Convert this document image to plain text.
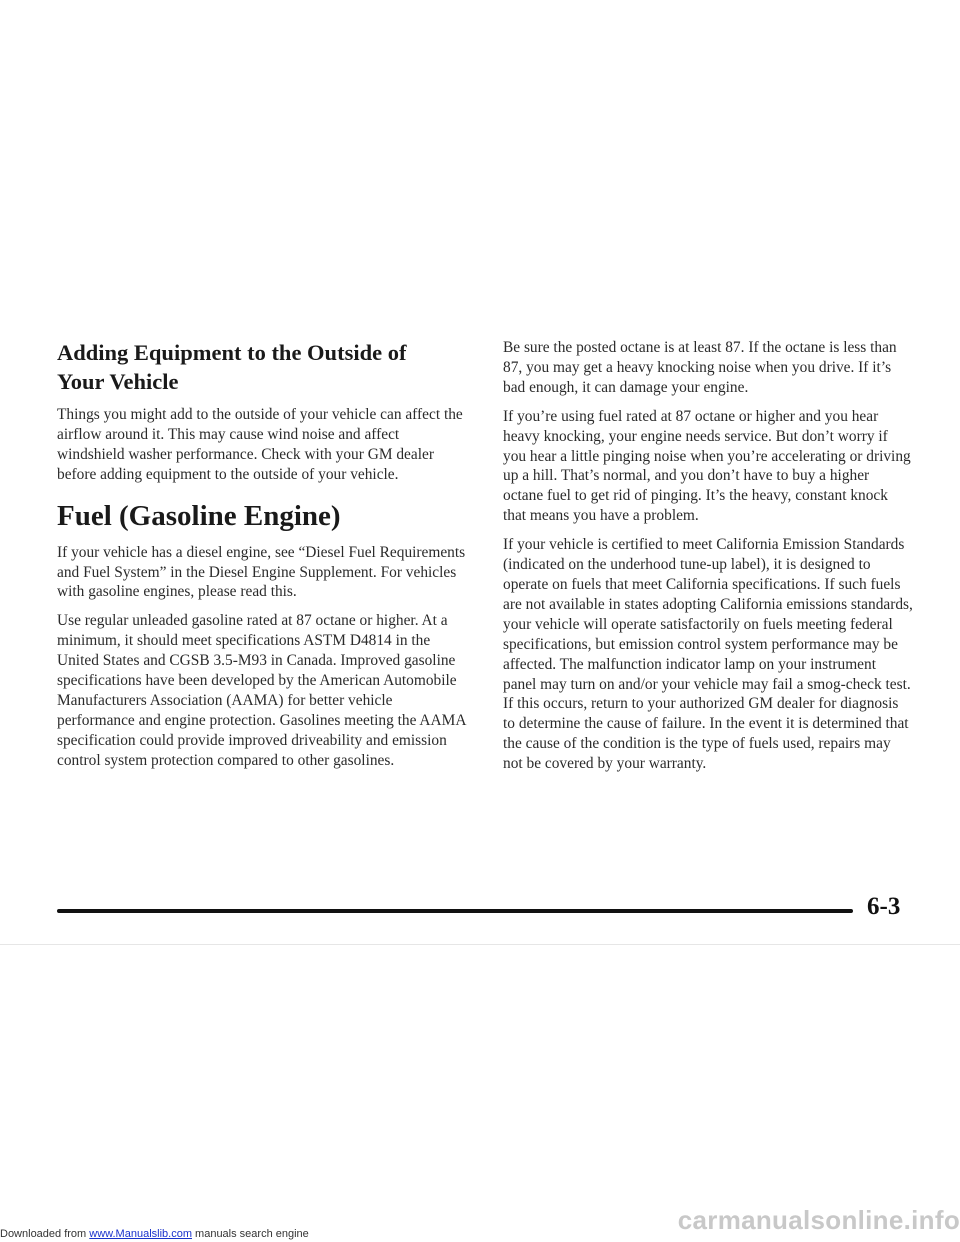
Adding Equipment to the Outside of
Your Vehicle

Things you might add to the outside of your vehicle can affect the airflow around it. This may cause wind noise and affect windshield washer performance. Check with your GM dealer before adding equipment to the outside of your vehicle.

Fuel (Gasoline Engine)

If your vehicle has a diesel engine, see “Diesel Fuel Requirements and Fuel System” in the Diesel Engine Supplement. For vehicles with gasoline engines, please read this.

Use regular unleaded gasoline rated at 87 octane or higher. At a minimum, it should meet specifications ASTM D4814 in the United States and CGSB 3.5-M93 in Canada. Improved gasoline specifications have been developed by the American Automobile Manufacturers Association (AAMA) for better vehicle performance and engine protection. Gasolines meeting the AAMA specification could provide improved driveability and emission control system protection compared to other gasolines.

Be sure the posted octane is at least 87. If the octane is less than 87, you may get a heavy knocking noise when you drive. If it’s bad enough, it can damage your engine.

If you’re using fuel rated at 87 octane or higher and you hear heavy knocking, your engine needs service. But don’t worry if you hear a little pinging noise when you’re accelerating or driving up a hill. That’s normal, and you don’t have to buy a higher octane fuel to get rid of pinging. It’s the heavy, constant knock that means you have a problem.

If your vehicle is certified to meet California Emission Standards (indicated on the underhood tune-up label), it is designed to operate on fuels that meet California specifications. If such fuels are not available in states adopting California emissions standards, your vehicle will operate satisfactorily on fuels meeting federal specifications, but emission control system performance may be affected. The malfunction indicator lamp on your instrument panel may turn on and/or your vehicle may fail a smog-check test. If this occurs, return to your authorized GM dealer for diagnosis to determine the cause of failure. In the event it is determined that the cause of the condition is the type of fuels used, repairs may not be covered by your warranty.

6-3
carmanualsonline.info
Downloaded from www.Manualslib.com manuals search engine
